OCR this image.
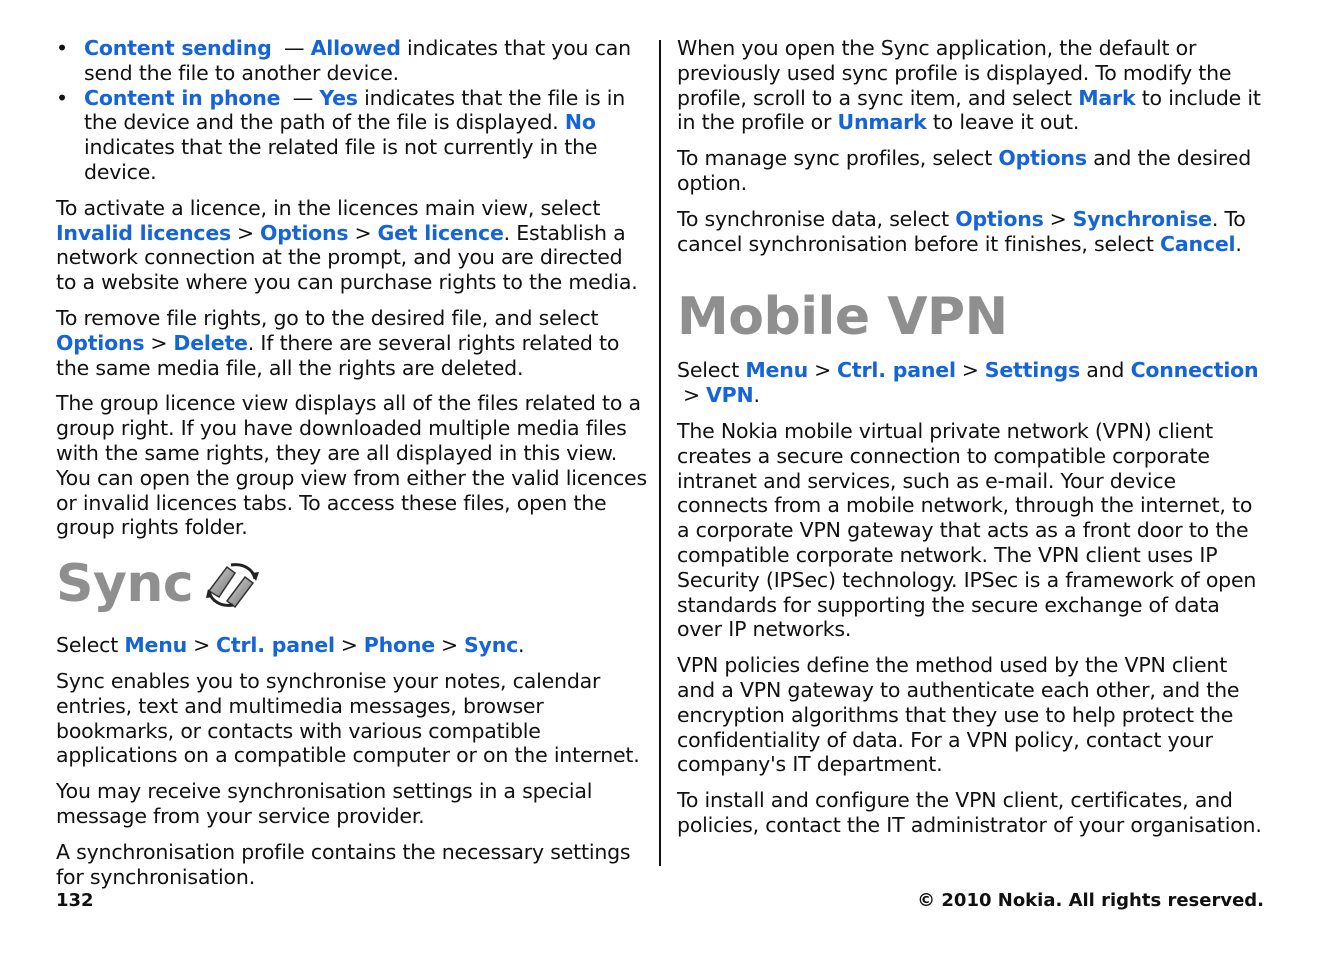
• Content sending — Allowed indicates that you can send the file to another device.
• Content in phone — Yes indicates that the file is in the device and the path of the file is displayed. No indicates that the related file is not currently in the device.

To activate a licence, in the licences main view, select Invalid licences > Options > Get licence. Establish a network connection at the prompt, and you are directed to a website where you can purchase rights to the media.

To remove file rights, go to the desired file, and select Options > Delete. If there are several rights related to the same media file, all the rights are deleted.

The group licence view displays all of the files related to a group right. If you have downloaded multiple media files with the same rights, they are all displayed in this view. You can open the group view from either the valid licences or invalid licences tabs. To access these files, open the group rights folder.

Sync

Select Menu > Ctrl. panel > Phone > Sync.

Sync enables you to synchronise your notes, calendar entries, text and multimedia messages, browser bookmarks, or contacts with various compatible applications on a compatible computer or on the internet.

You may receive synchronisation settings in a special message from your service provider.

A synchronisation profile contains the necessary settings for synchronisation.

When you open the Sync application, the default or previously used sync profile is displayed. To modify the profile, scroll to a sync item, and select Mark to include it in the profile or Unmark to leave it out.

To manage sync profiles, select Options and the desired option.

To synchronise data, select Options > Synchronise. To cancel synchronisation before it finishes, select Cancel.

Mobile VPN

Select Menu > Ctrl. panel > Settings and Connection> VPN.

The Nokia mobile virtual private network (VPN) client creates a secure connection to compatible corporate intranet and services, such as e-mail. Your device connects from a mobile network, through the internet, to a corporate VPN gateway that acts as a front door to the compatible corporate network. The VPN client uses IP Security (IPSec) technology. IPSec is a framework of open standards for supporting the secure exchange of data over IP networks.

VPN policies define the method used by the VPN client and a VPN gateway to authenticate each other, and the encryption algorithms that they use to help protect the confidentiality of data. For a VPN policy, contact your company's IT department.

To install and configure the VPN client, certificates, and policies, contact the IT administrator of your organisation.

132	© 2010 Nokia. All rights reserved.
